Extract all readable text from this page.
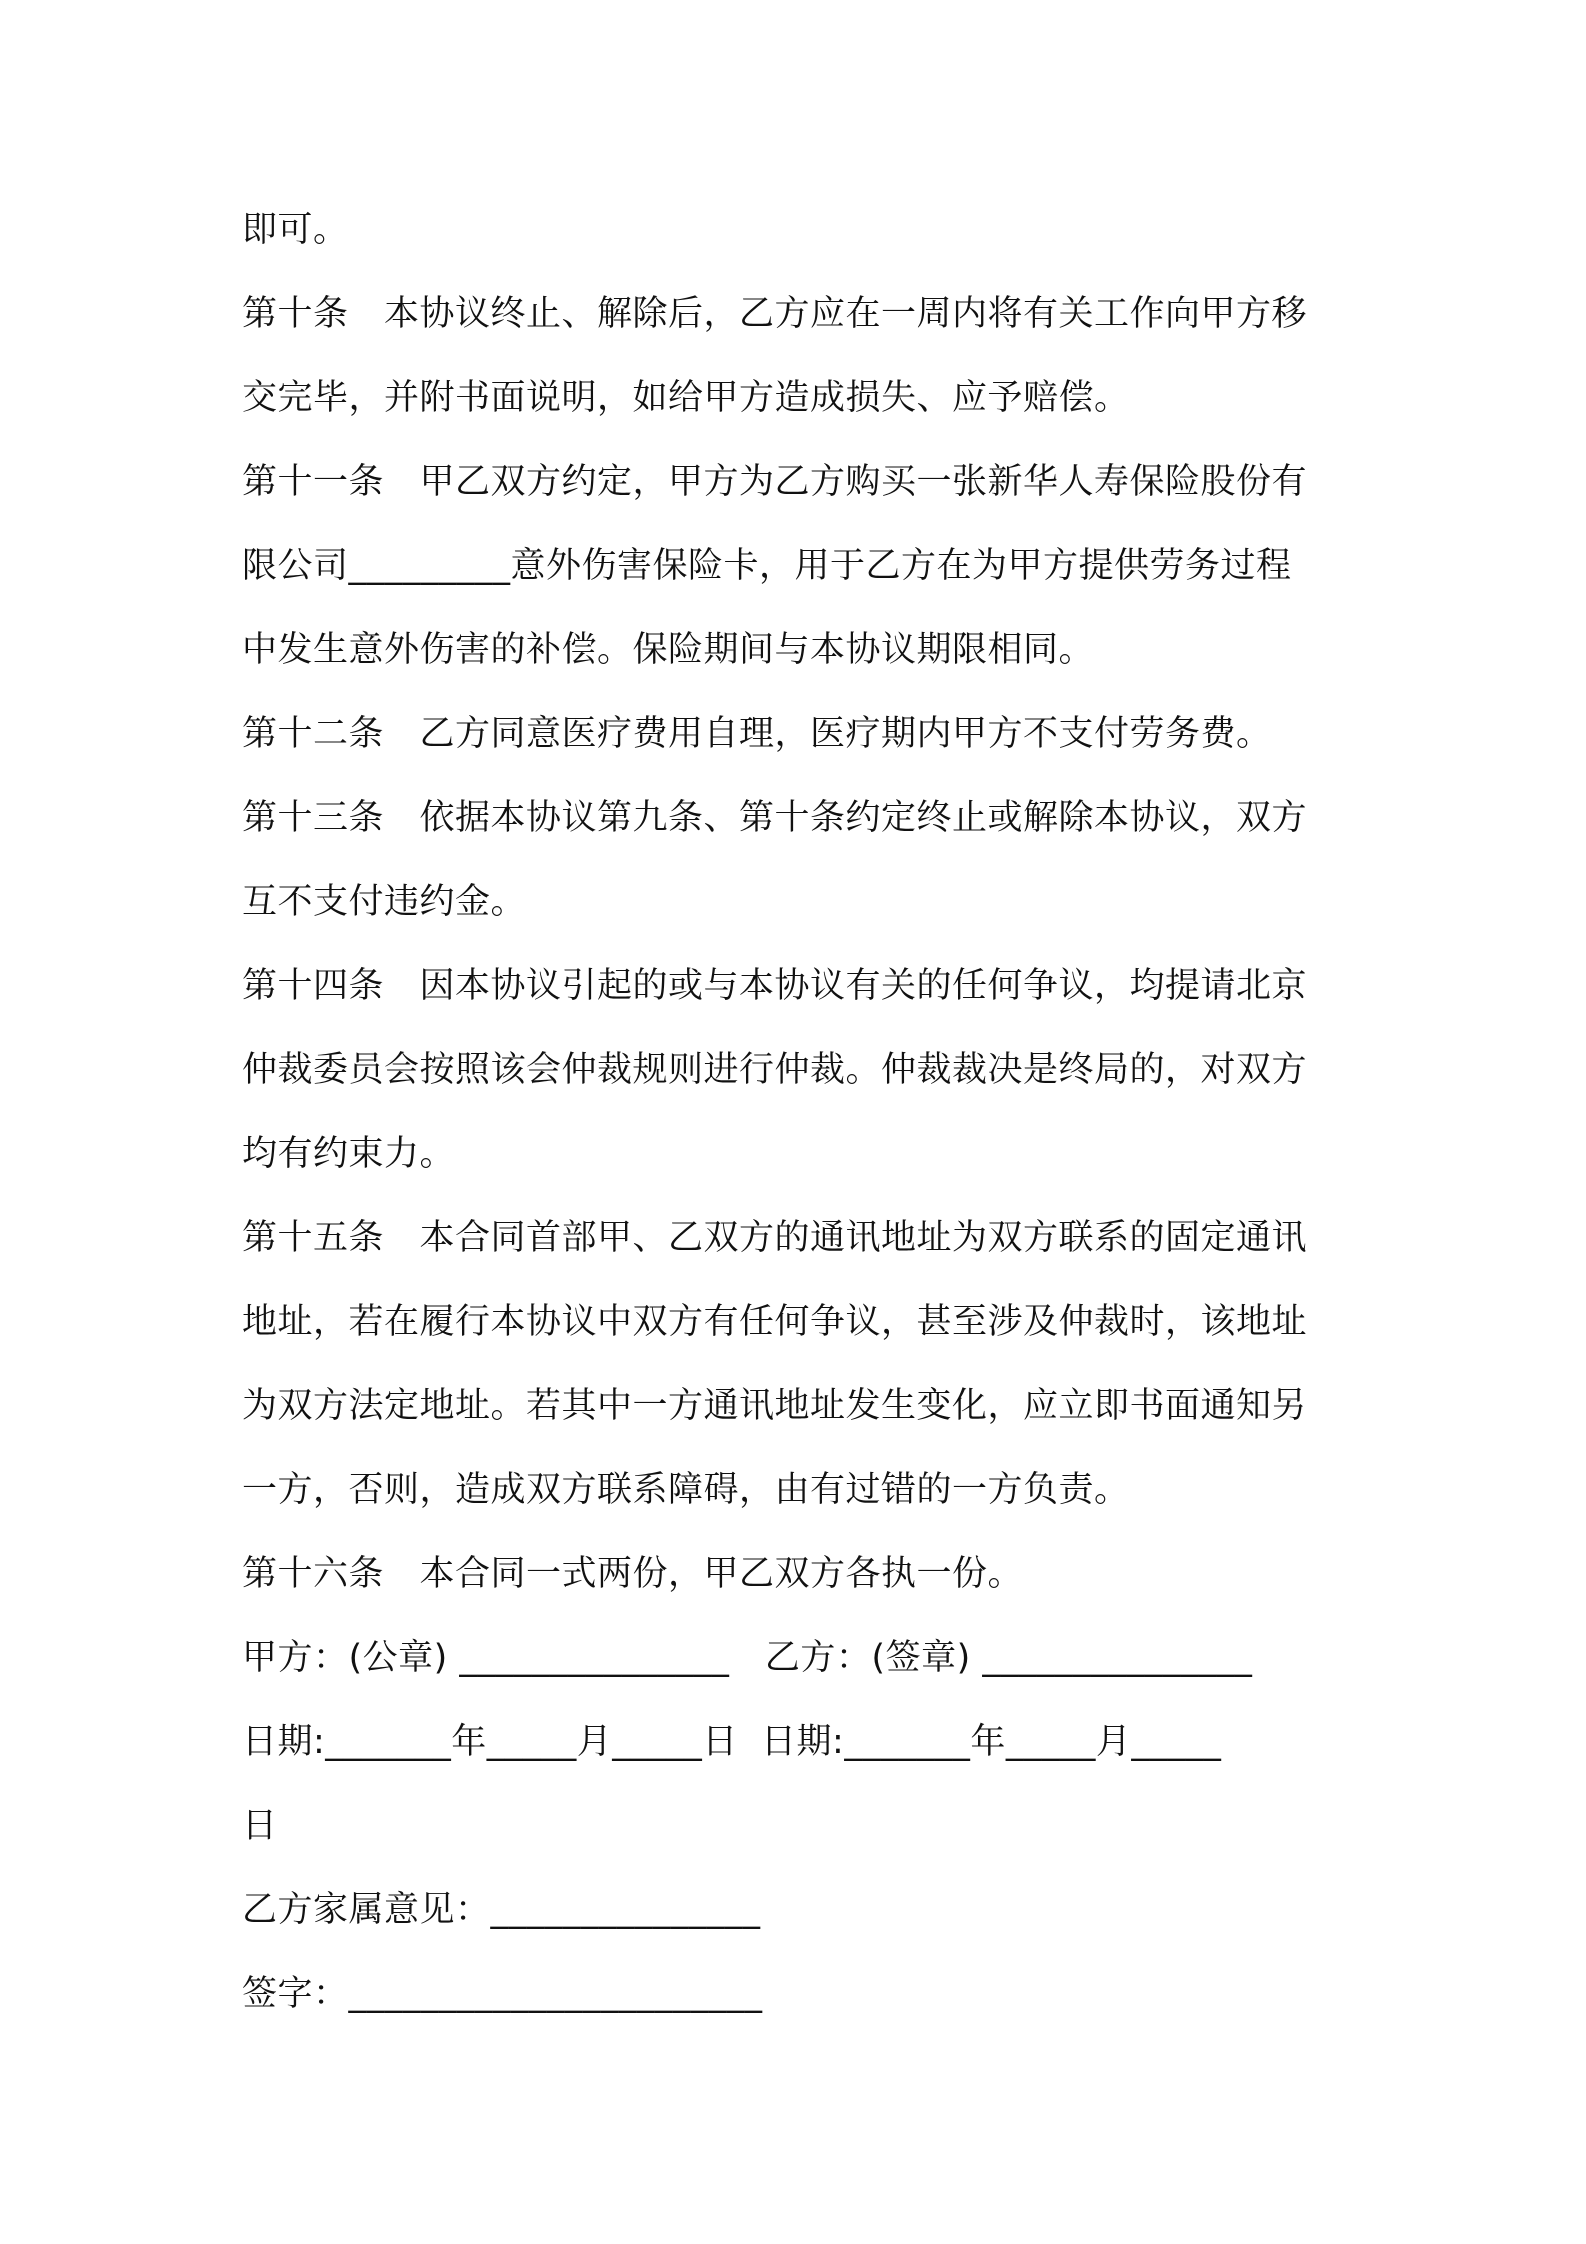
即可。
第十条　本协议终止、解除后，乙方应在一周内将有关工作向甲方移
交完毕，并附书面说明，如给甲方造成损失、应予赔偿。
第十一条　甲乙双方约定，甲方为乙方购买一张新华人寿保险股份有
限公司_________意外伤害保险卡，用于乙方在为甲方提供劳务过程
中发生意外伤害的补偿。保险期间与本协议期限相同。
第十二条　乙方同意医疗费用自理，医疗期内甲方不支付劳务费。
第十三条　依据本协议第九条、第十条约定终止或解除本协议，双方
互不支付违约金。
第十四条　因本协议引起的或与本协议有关的任何争议，均提请北京
仲裁委员会按照该会仲裁规则进行仲裁。仲裁裁决是终局的，对双方
均有约束力。
第十五条　本合同首部甲、乙双方的通讯地址为双方联系的固定通讯
地址，若在履行本协议中双方有任何争议，甚至涉及仲裁时，该地址
为双方法定地址。若其中一方通讯地址发生变化，应立即书面通知另
一方，否则，造成双方联系障碍，由有过错的一方负责。
第十六条　本合同一式两份，甲乙双方各执一份。
甲方：(公章) _______________　乙方：(签章) _______________
日期:_______年_____月_____日  日期:_______年_____月_____
日
乙方家属意见：_______________
签字：_______________________
